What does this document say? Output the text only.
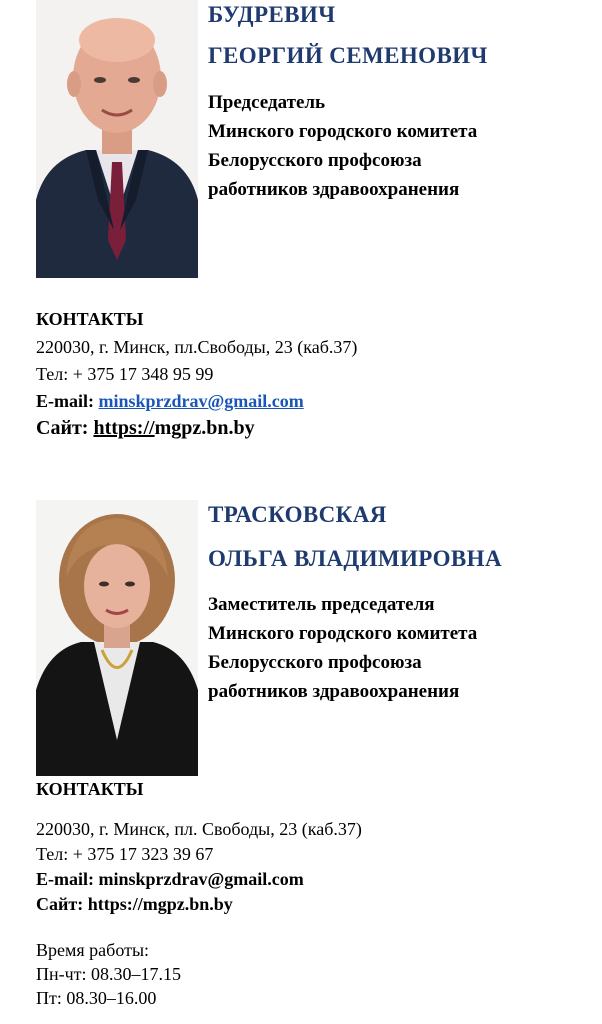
БУДРЕВИЧ
ГЕОРГИЙ СЕМЕНОВИЧ
Председатель
Минского городского комитета
Белорусского профсоюза
работников здравоохранения
КОНТАКТЫ
220030, г. Минск, пл.Свободы, 23 (каб.37)
Тел: + 375 17 348 95 99
E-mail: minskprzdrav@gmail.com
Сайт: https://mgpz.bn.by
ТРАСКОВСКАЯ
ОЛЬГА ВЛАДИМИРОВНА
Заместитель председателя
Минского городского комитета
Белорусского профсоюза
работников здравоохранения
КОНТАКТЫ
220030, г. Минск, пл. Свободы, 23 (каб.37)
Тел: + 375 17 323 39 67
E-mail: minskprzdrav@gmail.com
Сайт: https://mgpz.bn.by
Время работы:
Пн-чт: 08.30–17.15
Пт: 08.30–16.00
